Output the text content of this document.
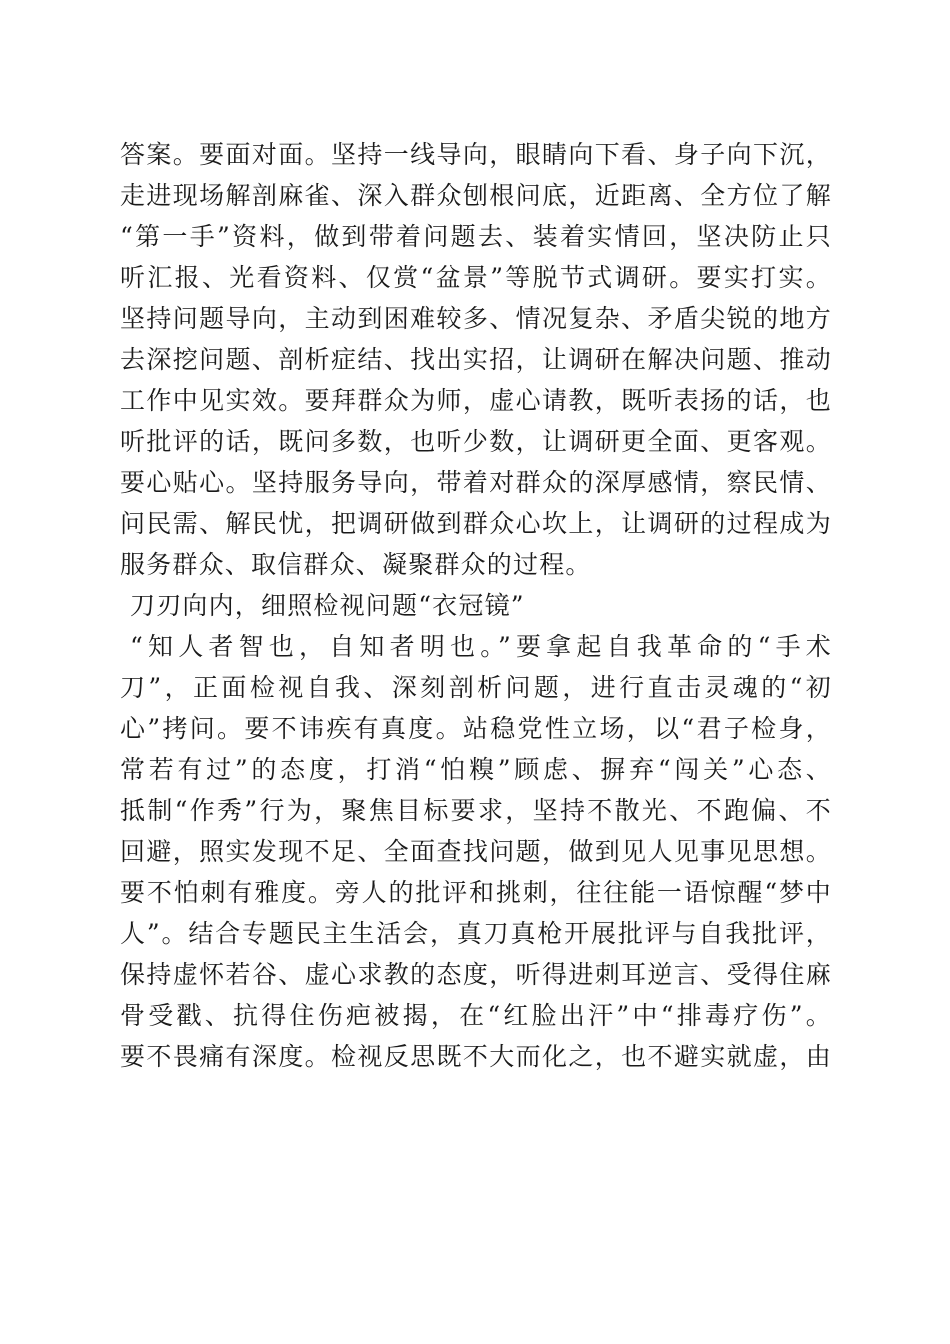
答案。要面对面。坚持一线导向，眼睛向下看、身子向下沉，
走进现场解剖麻雀、深入群众刨根问底，近距离、全方位了解
“第一手”资料，做到带着问题去、装着实情回，坚决防止只
听汇报、光看资料、仅赏“盆景”等脱节式调研。要实打实。
坚持问题导向，主动到困难较多、情况复杂、矛盾尖锐的地方
去深挖问题、剖析症结、找出实招，让调研在解决问题、推动
工作中见实效。要拜群众为师，虚心请教，既听表扬的话，也
听批评的话，既问多数，也听少数，让调研更全面、更客观。
要心贴心。坚持服务导向，带着对群众的深厚感情，察民情、
问民需、解民忧，把调研做到群众心坎上，让调研的过程成为
服务群众、取信群众、凝聚群众的过程。
刀刃向内，细照检视问题“衣冠镜”
“知人者智也，自知者明也。”要拿起自我革命的“手术
刀”，正面检视自我、深刻剖析问题，进行直击灵魂的“初
心”拷问。要不讳疾有真度。站稳党性立场，以“君子检身，
常若有过”的态度，打消“怕糗”顾虑、摒弃“闯关”心态、
抵制“作秀”行为，聚焦目标要求，坚持不散光、不跑偏、不
回避，照实发现不足、全面查找问题，做到见人见事见思想。
要不怕刺有雅度。旁人的批评和挑刺，往往能一语惊醒“梦中
人”。结合专题民主生活会，真刀真枪开展批评与自我批评，
保持虚怀若谷、虚心求教的态度，听得进刺耳逆言、受得住麻
骨受戳、抗得住伤疤被揭，在“红脸出汗”中“排毒疗伤”。
要不畏痛有深度。检视反思既不大而化之，也不避实就虚，由
